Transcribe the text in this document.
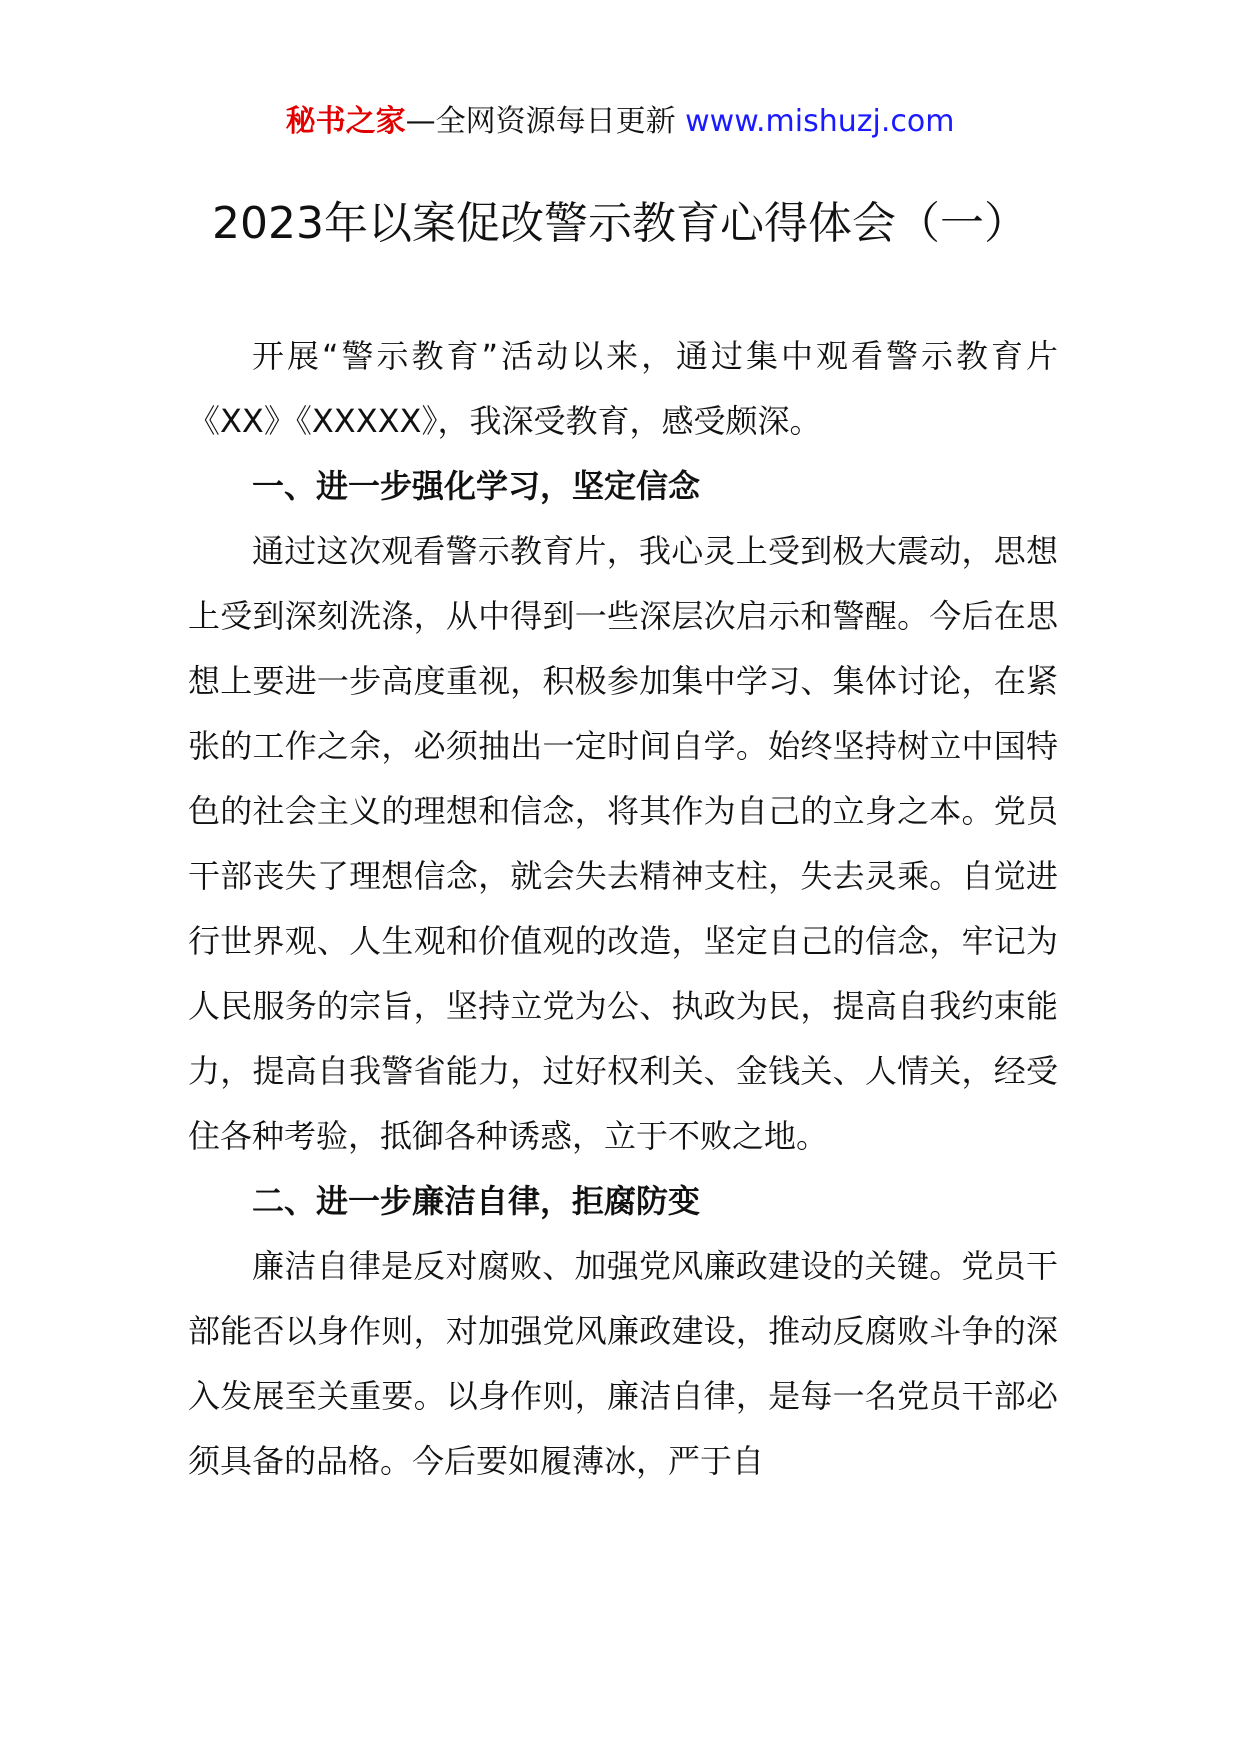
秘书之家—全网资源每日更新 www.mishuzj.com
2023年以案促改警示教育心得体会（一）

开展“警示教育”活动以来，通过集中观看警示教育片《XX》《XXXXX》，我深受教育，感受颇深。

一、进一步强化学习，坚定信念

通过这次观看警示教育片，我心灵上受到极大震动，思想上受到深刻洗涤，从中得到一些深层次启示和警醒。今后在思想上要进一步高度重视，积极参加集中学习、集体讨论，在紧张的工作之余，必须抽出一定时间自学。始终坚持树立中国特色的社会主义的理想和信念，将其作为自己的立身之本。党员干部丧失了理想信念，就会失去精神支柱，失去灵乘。自觉进行世界观、人生观和价值观的改造，坚定自己的信念，牢记为人民服务的宗旨，坚持立党为公、执政为民，提高自我约束能力，提高自我警省能力，过好权利关、金钱关、人情关，经受住各种考验，抵御各种诱惑，立于不败之地。

二、进一步廉洁自律，拒腐防变

廉洁自律是反对腐败、加强党风廉政建设的关键。党员干部能否以身作则，对加强党风廉政建设，推动反腐败斗争的深入发展至关重要。以身作则，廉洁自律，是每一名党员干部必须具备的品格。今后要如履薄冰，严于自
